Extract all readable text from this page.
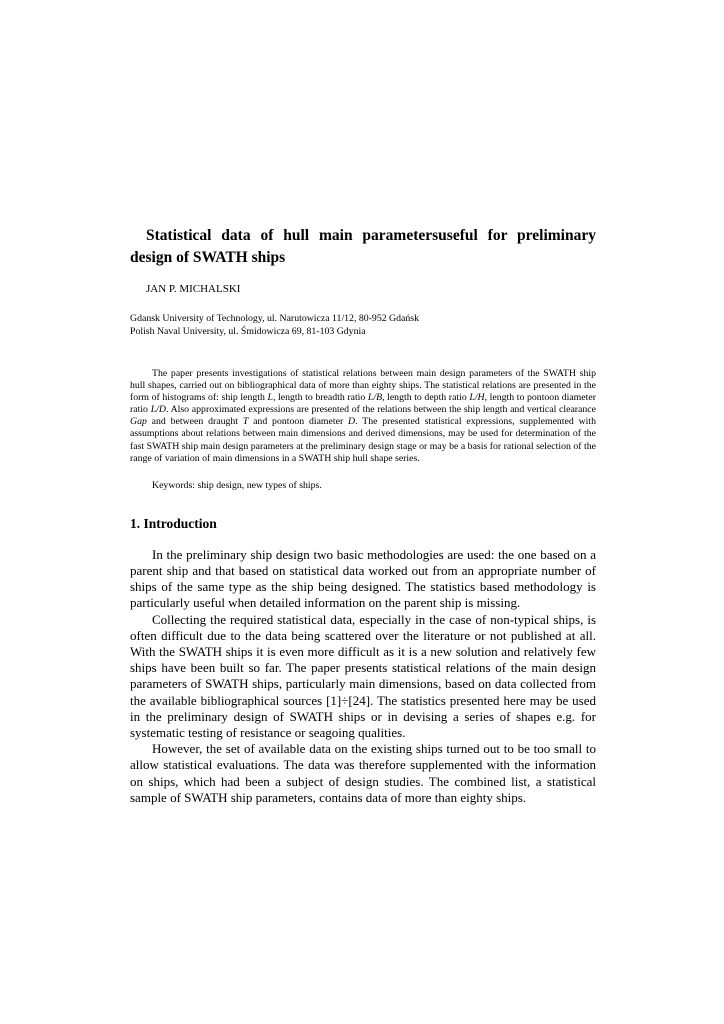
Statistical data of hull main parametersuseful for preliminary design of SWATH ships
JAN P. MICHALSKI
Gdansk University of Technology, ul. Narutowicza 11/12, 80-952 Gdańsk
Polish Naval University, ul. Śmidowicza 69, 81-103 Gdynia
The paper presents investigations of statistical relations between main design parameters of the SWATH ship hull shapes, carried out on bibliographical data of more than eighty ships. The statistical relations are presented in the form of histograms of: ship length L, length to breadth ratio L/B, length to depth ratio L/H, length to pontoon diameter ratio L/D. Also approximated expressions are presented of the relations between the ship length and vertical clearance Gap and between draught T and pontoon diameter D. The presented statistical expressions, supplemented with assumptions about relations between main dimensions and derived dimensions, may be used for determination of the fast SWATH ship main design parameters at the preliminary design stage or may be a basis for rational selection of the range of variation of main dimensions in a SWATH ship hull shape series.
Keywords: ship design, new types of ships.
1. Introduction

In the preliminary ship design two basic methodologies are used: the one based on a parent ship and that based on statistical data worked out from an appropriate number of ships of the same type as the ship being designed. The statistics based methodology is particularly useful when detailed information on the parent ship is missing.

Collecting the required statistical data, especially in the case of non-typical ships, is often difficult due to the data being scattered over the literature or not published at all. With the SWATH ships it is even more difficult as it is a new solution and relatively few ships have been built so far. The paper presents statistical relations of the main design parameters of SWATH ships, particularly main dimensions, based on data collected from the available bibliographical sources [1]÷[24]. The statistics presented here may be used in the preliminary design of SWATH ships or in devising a series of shapes e.g. for systematic testing of resistance or seagoing qualities.

However, the set of available data on the existing ships turned out to be too small to allow statistical evaluations. The data was therefore supplemented with the information on ships, which had been a subject of design studies. The combined list, a statistical sample of SWATH ship parameters, contains data of more than eighty ships.
